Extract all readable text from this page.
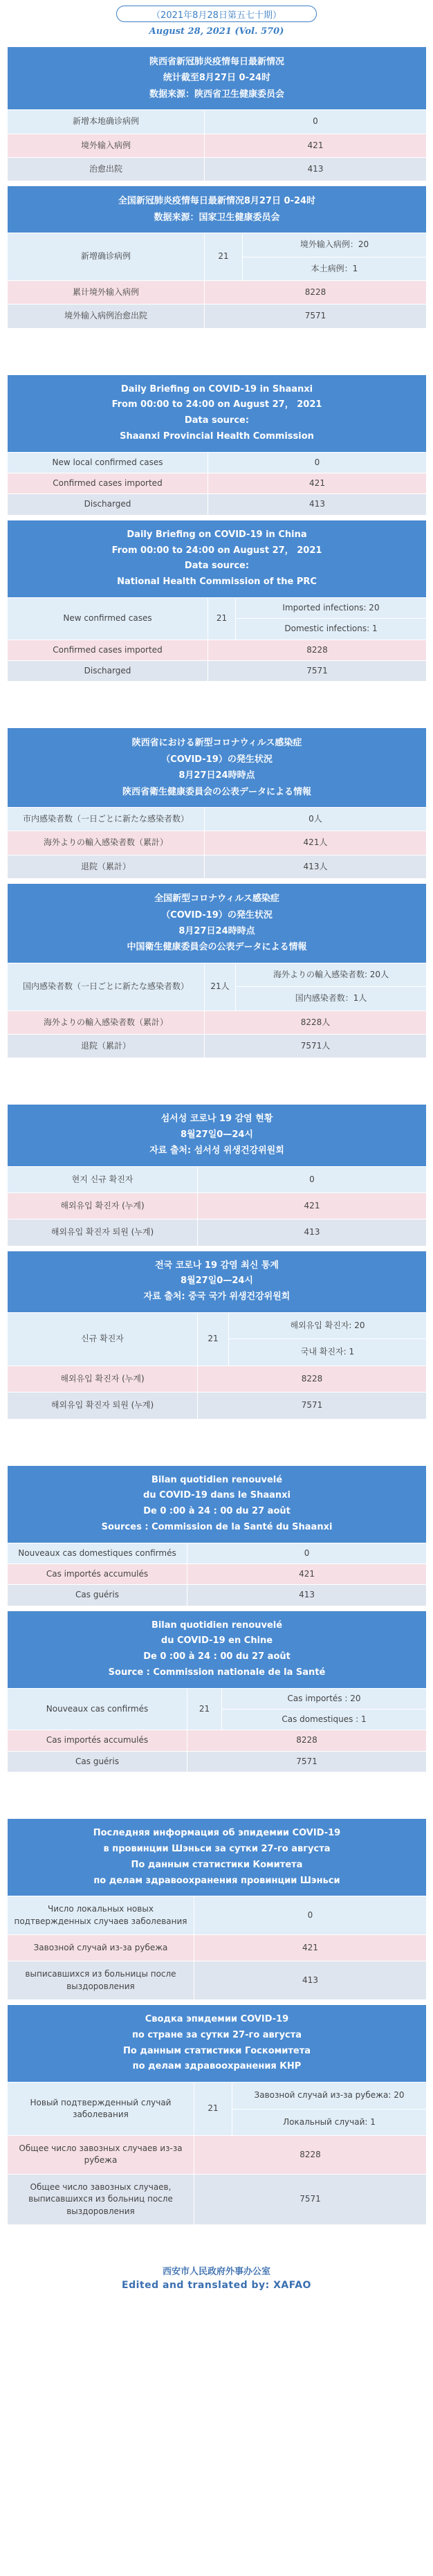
（2021年8月28日第五七十期）
August 28, 2021 (Vol. 570)
陕西省新冠肺炎疫情每日最新情况
统计截至8月27日 0-24时
数据来源：陕西省卫生健康委员会	

新增本地确诊病例	0
境外输入病例	421
治愈出院	413
全国新冠肺炎疫情每日最新情况8月27日 0-24时
数据来源：国家卫生健康委员会		

新增确诊病例	21	境外输入病例：20
		本土病例：1
累计境外输入病例	8228	
境外输入病例治愈出院	7571	
Daily Briefing on COVID-19 in Shaanxi
From 00:00 to 24:00 on August 27， 2021
Data source:
Shaanxi Provincial Health Commission	

New local confirmed cases	0
Confirmed cases imported	421
Discharged	413
Daily Briefing on COVID-19 in China
From 00:00 to 24:00 on August 27， 2021
Data source:
National Health Commission of the PRC		

New confirmed cases	21	Imported infections: 20
		Domestic infections: 1
Confirmed cases imported	8228	
Discharged	7571	
陝西省における新型コロナウィルス感染症
（COVID-19）の発生状況
8月27日24時時点
陝西省衛生健康委員会の公表データによる情報	

市内感染者数（一日ごとに新たな感染者数）	0人
海外よりの輸入感染者数（累計）	421人
退院（累計）	413人
全国新型コロナウィルス感染症
（COVID-19）の発生状況
8月27日24時時点
中国衛生健康委員会の公表データによる情報		

国内感染者数（一日ごとに新たな感染者数）	21人	海外よりの輸入感染者数: 20人
		国内感染者数：1人
海外よりの輸入感染者数（累計）	8228人	
退院（累計）	7571人	
섬서성 코로나 19 감염 현황
8월27일0—24시
자료 출처: 섬서성 위생건강위원회	

현지 신규 확진자	0
해외유입 확진자 (누계)	421
해외유입 확진자 퇴원 (누계)	413
전국 코로나 19 감염 최신 통계
8월27일0—24시
자료 출처: 중국 국가 위생건강위원회		

신규 확진자	21	해외유입 확진자: 20
		국내 확진자: 1
해외유입 확진자 (누계)	8228	
해외유입 확진자 퇴원 (누계)	7571	
Bilan quotidien renouvelé
du COVID-19 dans le Shaanxi
De 0 :00 à 24 : 00 du 27 août
Sources : Commission de la Santé du Shaanxi	

Nouveaux cas domestiques confirmés	0
Cas importés accumulés	421
Cas guéris	413
Bilan quotidien renouvelé
du COVID-19 en Chine
De 0 :00 à 24 : 00 du 27 août
Source : Commission nationale de la Santé		

Nouveaux cas confirmés	21	Cas importés : 20
		Cas domestiques : 1
Cas importés accumulés	8228	
Cas guéris	7571	
Последняя информация об эпидемии COVID-19
в провинции Шэньси за сутки 27-го августа
По данным статистики Комитета
по делам здравоохранения провинции Шэньси	

Число локальных новых подтвержденных случаев заболевания	0
Завозной случай из-за рубежа	421
выписавшихся из больницы после выздоровления	413
Сводка эпидемии COVID-19
по стране за сутки 27-го августа
По данным статистики Госкомитета
по делам здравоохранения КНР		

Новый подтвержденный случай заболевания	21	Завозной случай из-за рубежа: 20
		Локальный случай: 1
Общее число завозных случаев из-за рубежа	8228	
Общее число завозных случаев, выписавшихся из больниц после выздоровления	7571	
西安市人民政府外事办公室
Edited and translated by: XAFAO
